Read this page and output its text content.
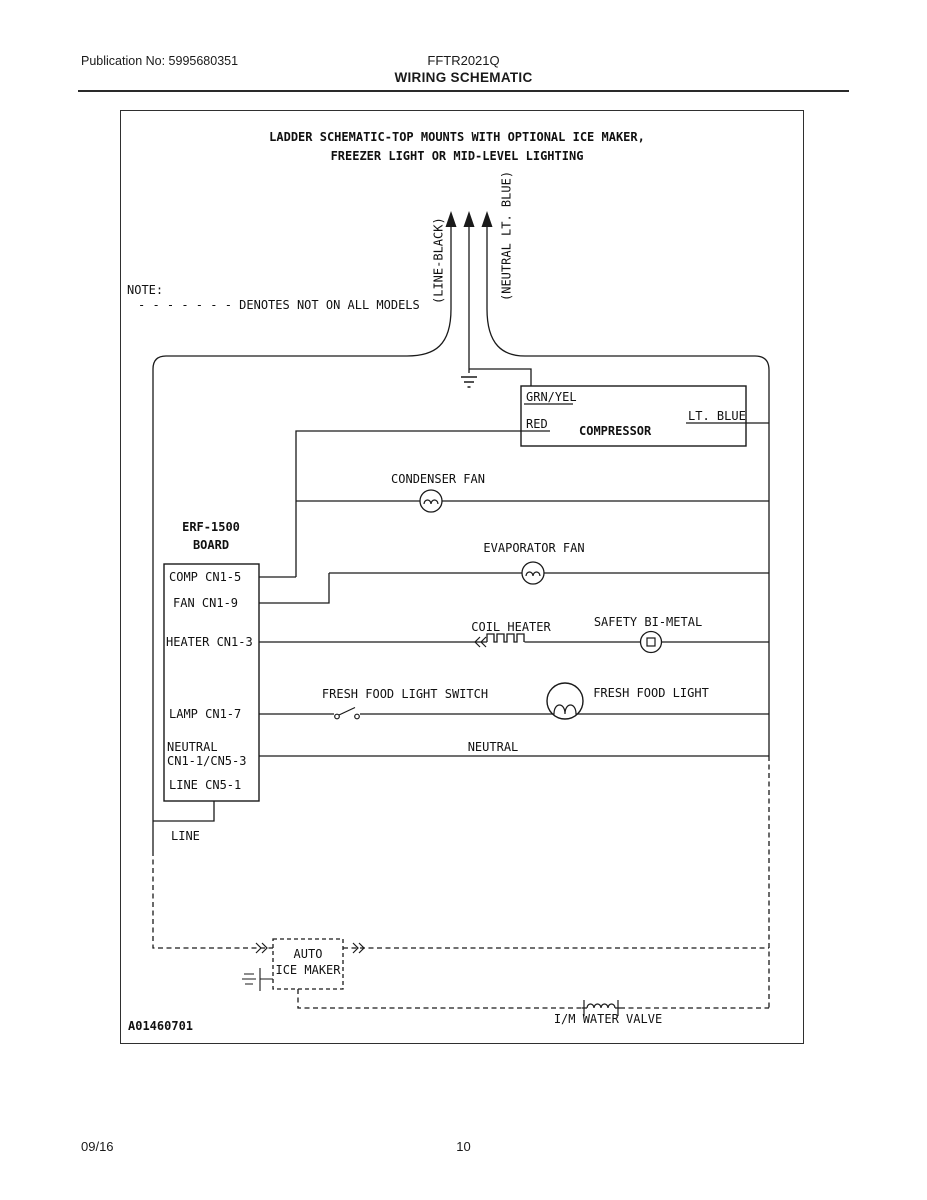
Publication No: 5995680351	FFTR2021Q
WIRING SCHEMATIC
LADDER SCHEMATIC-TOP MOUNTS WITH OPTIONAL ICE MAKER,
FREEZER LIGHT OR MID-LEVEL LIGHTING
NOTE:
- - - - - - - DENOTES NOT ON ALL MODELS
(LINE-BLACK)	(NEUTRAL LT. BLUE)
GRN/YEL
RED	COMPRESSOR
LT. BLUE
CONDENSER FAN
EVAPORATOR FAN
ERF-1500
BOARD
COMP CN1-5
FAN CN1-9
HEATER CN1-3
LAMP CN1-7
NEUTRAL
CN1-1/CN5-3
LINE CN5-1
COIL HEATER	SAFETY BI-METAL
FRESH FOOD LIGHT SWITCH	FRESH FOOD LIGHT
NEUTRAL
LINE
AUTO
ICE MAKER
I/M WATER VALVE
A01460701
09/16	10
